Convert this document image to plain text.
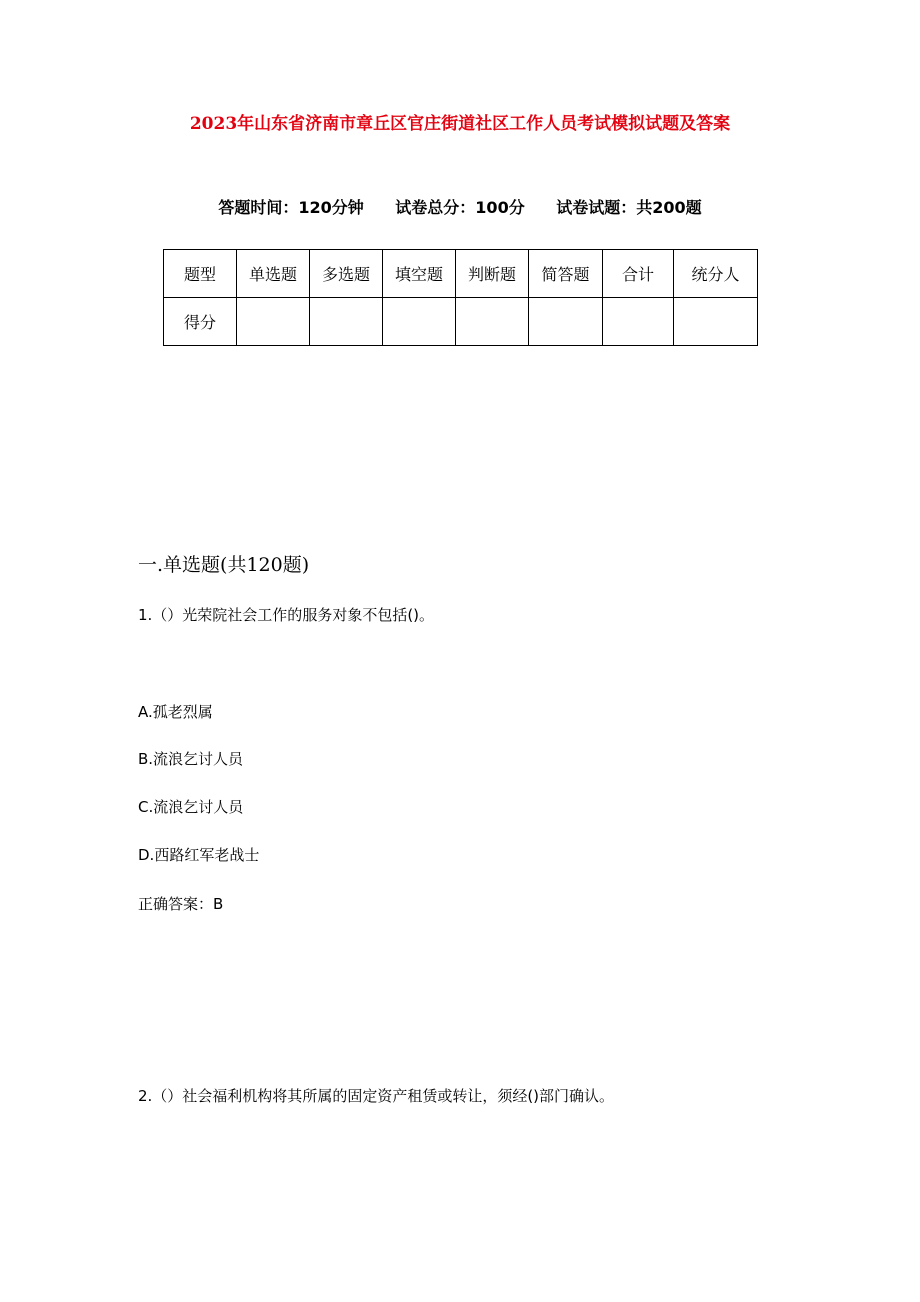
2023年山东省济南市章丘区官庄街道社区工作人员考试模拟试题及答案
答题时间：120分钟 试卷总分：100分 试卷试题：共200题
题型	单选题	多选题	填空题	判断题	简答题	合计	统分人
得分							
一.单选题(共120题)
1.（）光荣院社会工作的服务对象不包括()。
A.孤老烈属
B.流浪乞讨人员
C.流浪乞讨人员
D.西路红军老战士
正确答案：B
2.（）社会福利机构将其所属的固定资产租赁或转让，须经()部门确认。
